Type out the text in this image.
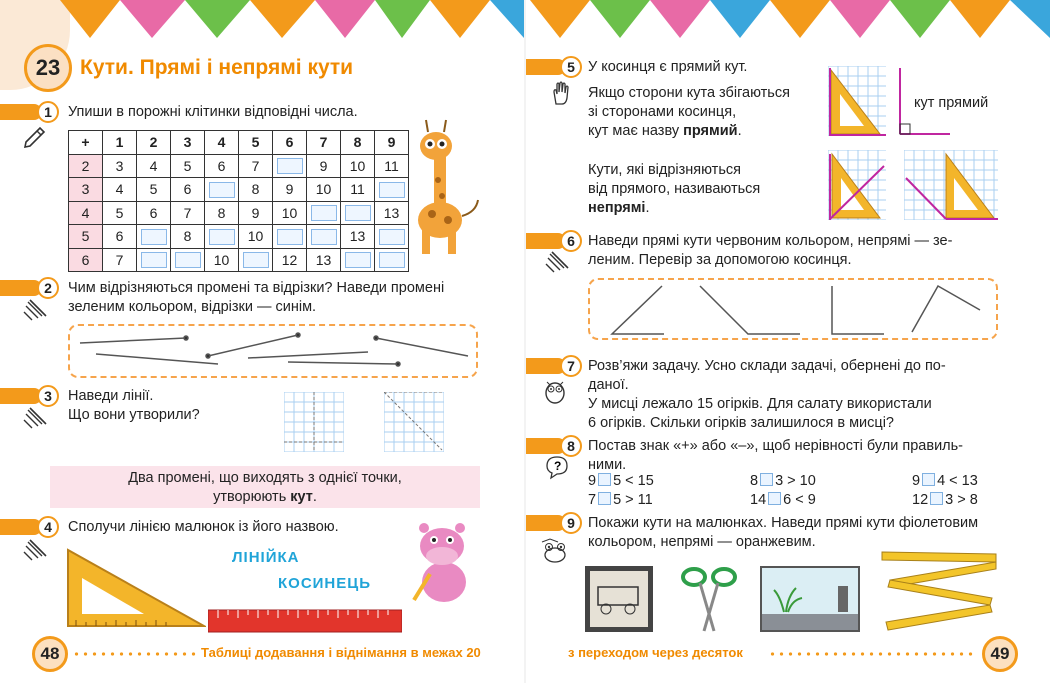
23 Кути. Прямі і непрямі кути
1	Упиши в порожні клітинки відповідні числа.
+	1	2	3	4	5	6	7	8	9
2	3	4	5	6	7		9	10	11
3	4	5	6		8	9	10	11	
4	5	6	7	8	9	10			13
5	6		8		10			13	
6	7			10		12	13		
2	Чим відрізняються промені та відрізки? Наведи промені
зеленим кольором, відрізки — синім.
3	Наведи лінії.
Що вони утворили?
Два промені, що виходять з однієї точки,
утворюють кут.
4	Сполучи лінією малюнок із його назвою.
ЛІНІЙКА
КОСИНЕЦЬ
48	Таблиці додавання і віднімання в межах 20
5 У косинця є прямий кут.
Якщо сторони кута збігаються
зі сторонами косинця,
кут має назву прямий.
Кути, які відрізняються
від прямого, називаються
непрямі.
кут прямий
6 Наведи прямі кути червоним кольором, непрямі — зе-
леним. Перевір за допомогою косинця.
7 Розв’яжи задачу. Усно склади задачі, обернені до по-
даної.
У мисці лежало 15 огірків. Для салату використали
6 огірків. Скільки огірків залишилося в мисці?
8 Постав знак «+» або «–», щоб нерівності були правиль-
ними.
?
9 5 < 15	8 3 > 10	9 4 < 13
7 5 > 11	14 6 < 9	12 3 > 8
9 Покажи кути на малюнках. Наведи прямі кути фіолетовим
кольором, непрямі — оранжевим.
з переходом через десяток	49
